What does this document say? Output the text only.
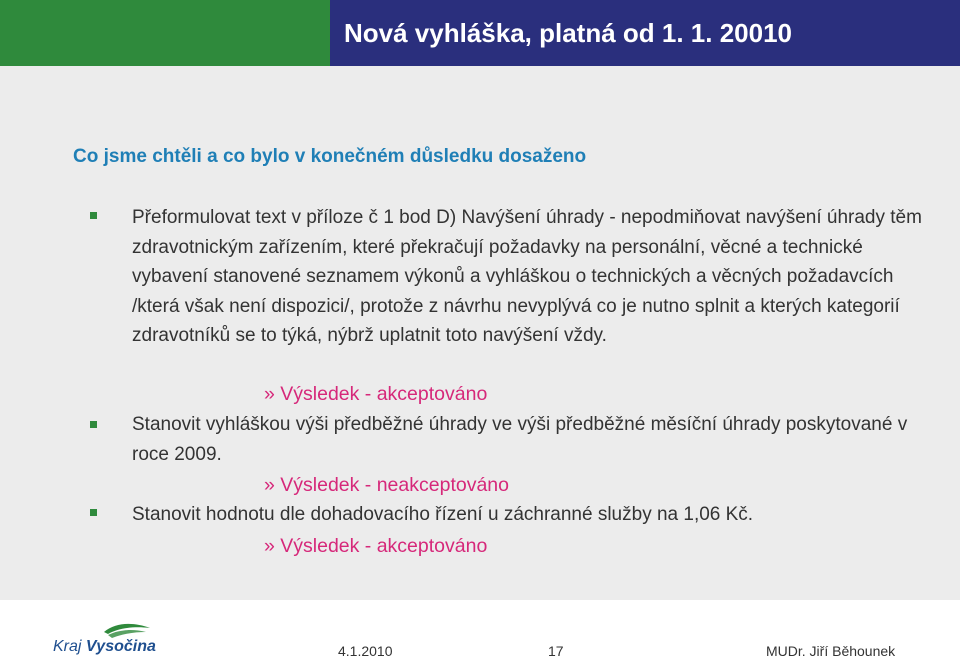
Nová vyhláška, platná od 1. 1. 20010
Co jsme chtěli a co bylo v konečném důsledku dosaženo
Přeformulovat text v příloze č 1 bod D) Navýšení úhrady - nepodmiňovat navýšení úhrady těm zdravotnickým zařízením, které překračují požadavky na personální, věcné a technické vybavení stanovené seznamem výkonů a vyhláškou o technických a věcných požadavcích /která však není dispozici/, protože z návrhu nevyplývá co je nutno splnit a kterých kategorií zdravotníků se to týká, nýbrž uplatnit toto navýšení vždy.
» Výsledek - akceptováno
Stanovit vyhláškou výši předběžné úhrady ve výši předběžné měsíční úhrady poskytované v roce 2009.
» Výsledek - neakceptováno
Stanovit hodnotu dle dohadovacího řízení u záchranné služby na 1,06 Kč.
» Výsledek - akceptováno
Kraj Vysočina	4.1.2010	17	MUDr. Jiří Běhounek
